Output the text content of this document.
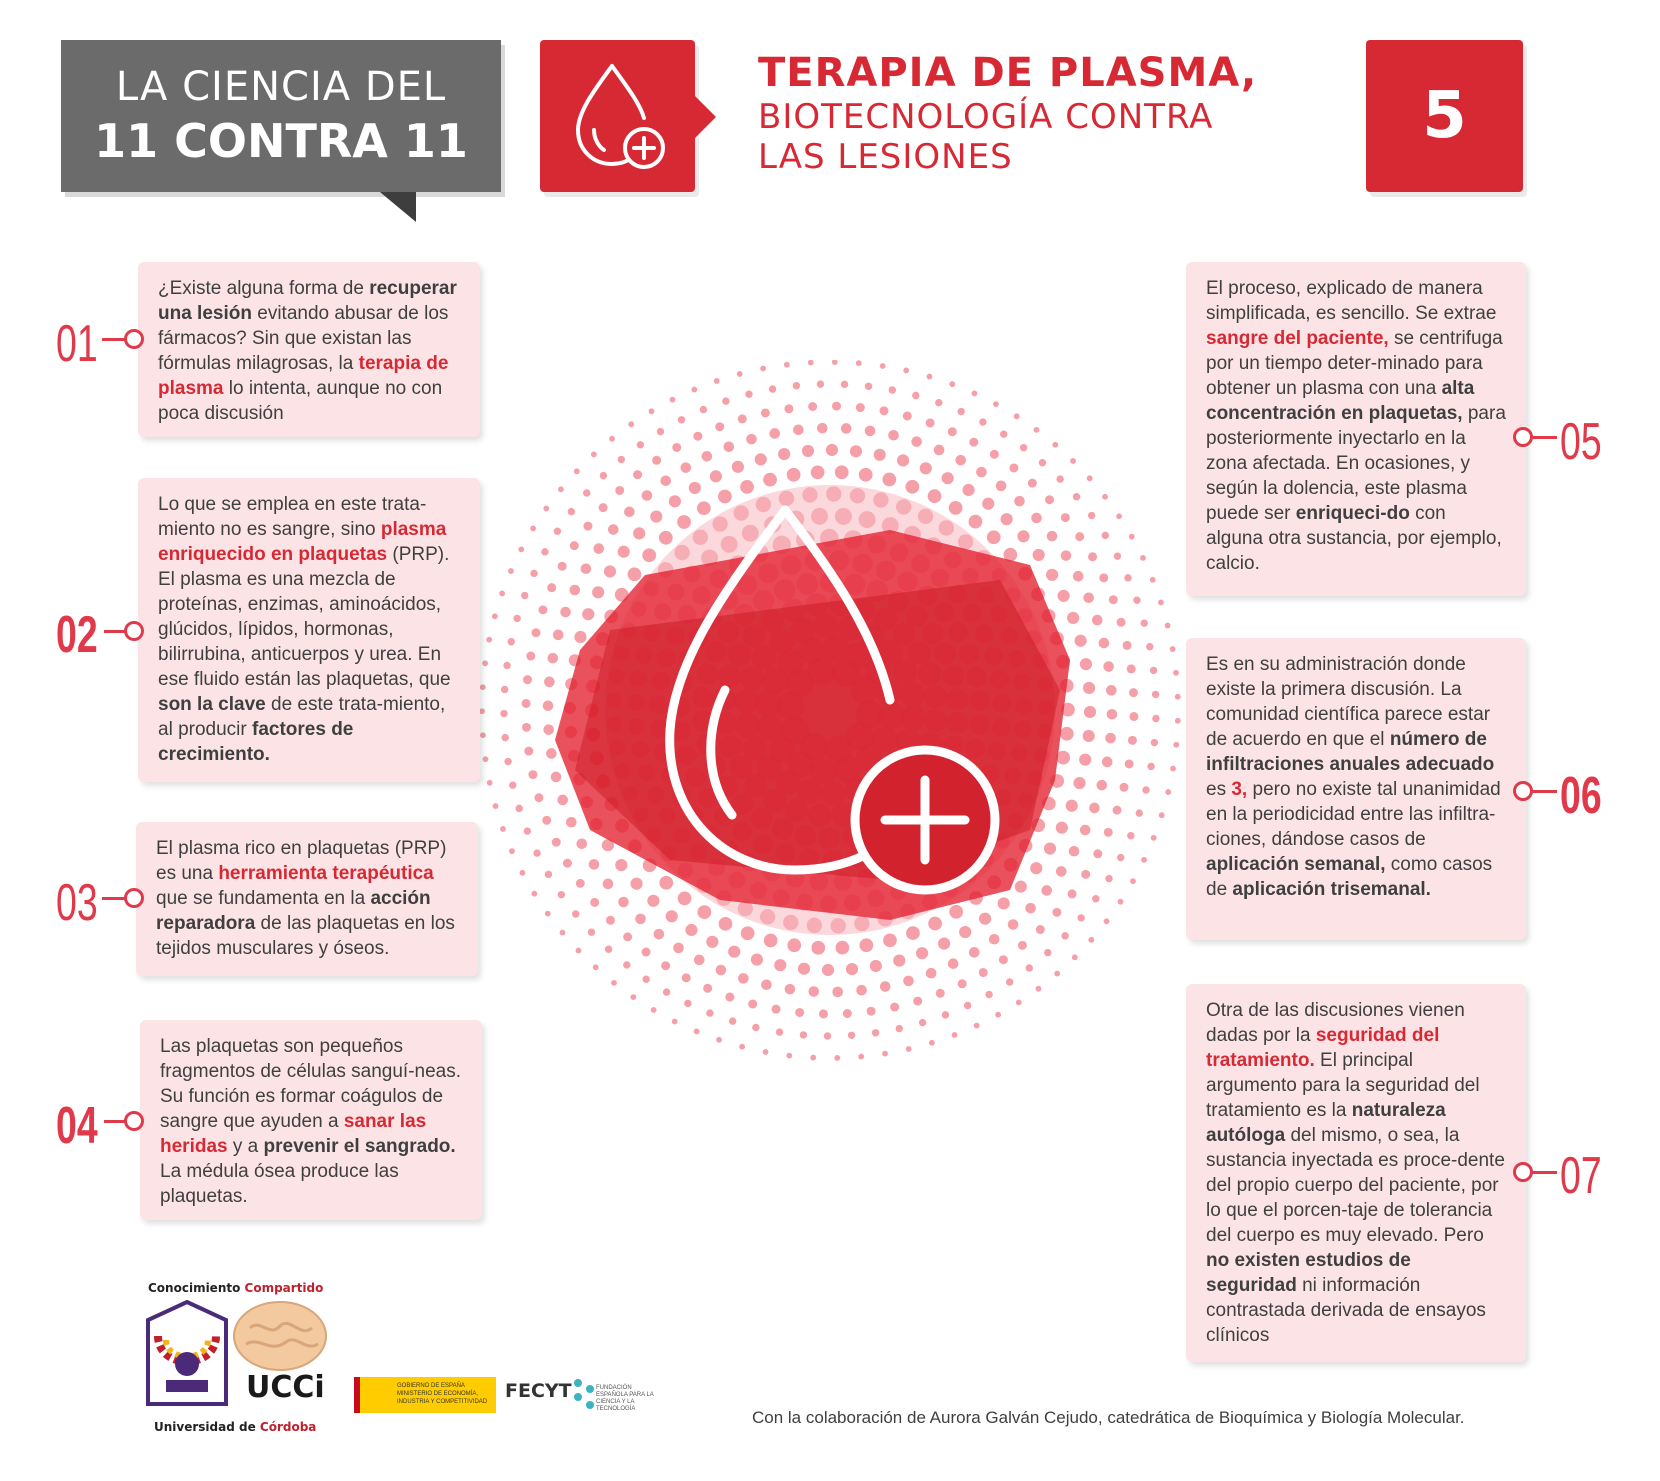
LA CIENCIA DEL
11 CONTRA 11
TERAPIA DE PLASMA,
BIOTECNOLOGÍA CONTRA
LAS LESIONES
5
¿Existe alguna forma de recuperar una lesión evitando abusar de los fármacos? Sin que existan las fórmulas milagrosas, la terapia de plasma lo intenta, aunque no con poca discusión
01
Lo que se emplea en este trata-miento no es sangre, sino plasma enriquecido en plaquetas (PRP). El plasma es una mezcla de proteínas, enzimas, aminoácidos, glúcidos, lípidos, hormonas, bilirrubina, anticuerpos y urea. En ese fluido están las plaquetas, que son la clave de este trata-miento, al producir factores de crecimiento.
02
El plasma rico en plaquetas (PRP) es una herramienta terapéutica que se fundamenta en la acción reparadora de las plaquetas en los tejidos musculares y óseos.
03
Las plaquetas son pequeños fragmentos de células sanguí-neas. Su función es formar coágulos de sangre que ayuden a sanar las heridas y a prevenir el sangrado. La médula ósea produce las plaquetas.
04
El proceso, explicado de manera simplificada, es sencillo. Se extrae sangre del paciente, se centrifuga por un tiempo deter-minado para obtener un plasma con una alta concentración en plaquetas, para posteriormente inyectarlo en la zona afectada. En ocasiones, y según la dolencia, este plasma puede ser enriqueci-do con alguna otra sustancia, por ejemplo, calcio.
05
Es en su administración donde existe la primera discusión. La comunidad científica parece estar de acuerdo en que el número de infiltraciones anuales adecuado es 3, pero no existe tal unanimidad en la periodicidad entre las infiltra-ciones, dándose casos de aplicación semanal, como casos de aplicación trisemanal.
06
Otra de las discusiones vienen dadas por la seguridad del tratamiento. El principal argumento para la seguridad del tratamiento es la naturaleza autóloga del mismo, o sea, la sustancia inyectada es proce-dente del propio cuerpo del paciente, por lo que el porcen-taje de tolerancia del cuerpo es muy elevado. Pero no existen estudios de seguridad ni información contrastada derivada de ensayos clínicos
07
Conocimiento Compartido
UCCi
Universidad de Córdoba
GOBIERNO DE ESPAÑA MINISTERIO DE ECONOMÍA, INDUSTRIA Y COMPETITIVIDAD FECYT	FUNDACIÓN ESPAÑOLA PARA LA CIENCIA Y LA TECNOLOGÍA	Con la colaboración de Aurora Galván Cejudo, catedrática de Bioquímica y Biología Molecular.
